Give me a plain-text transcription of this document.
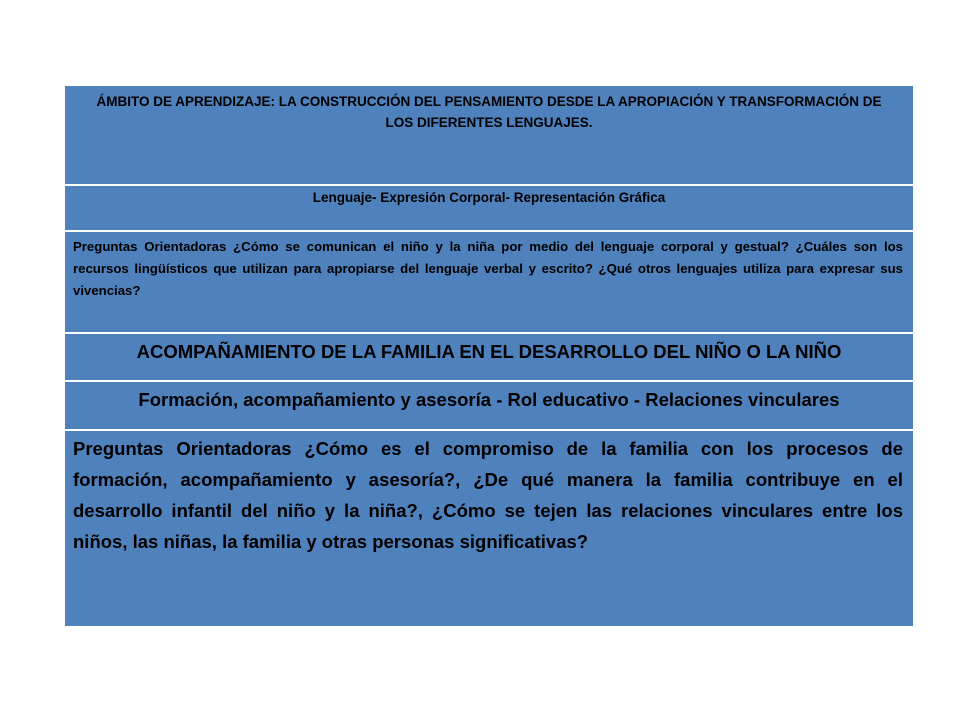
ÁMBITO DE APRENDIZAJE: LA CONSTRUCCIÓN DEL PENSAMIENTO DESDE LA APROPIACIÓN Y TRANSFORMACIÓN DE LOS DIFERENTES LENGUAJES.
Lenguaje- Expresión Corporal- Representación Gráfica
Preguntas Orientadoras ¿Cómo se comunican el niño y la niña por medio del lenguaje corporal y gestual? ¿Cuáles son los recursos lingüísticos que utilizan para apropiarse del lenguaje verbal y escrito? ¿Qué otros lenguajes utiliza para expresar sus vivencias?
ACOMPAÑAMIENTO DE LA FAMILIA EN EL DESARROLLO DEL NIÑO O LA NIÑO
Formación, acompañamiento y asesoría - Rol educativo - Relaciones vinculares
Preguntas Orientadoras ¿Cómo es el compromiso de la familia con los procesos de formación, acompañamiento y asesoría?, ¿De qué manera la familia contribuye en el desarrollo infantil del niño y la niña?, ¿Cómo se tejen las relaciones vinculares entre los niños, las niñas, la familia y otras personas significativas?
